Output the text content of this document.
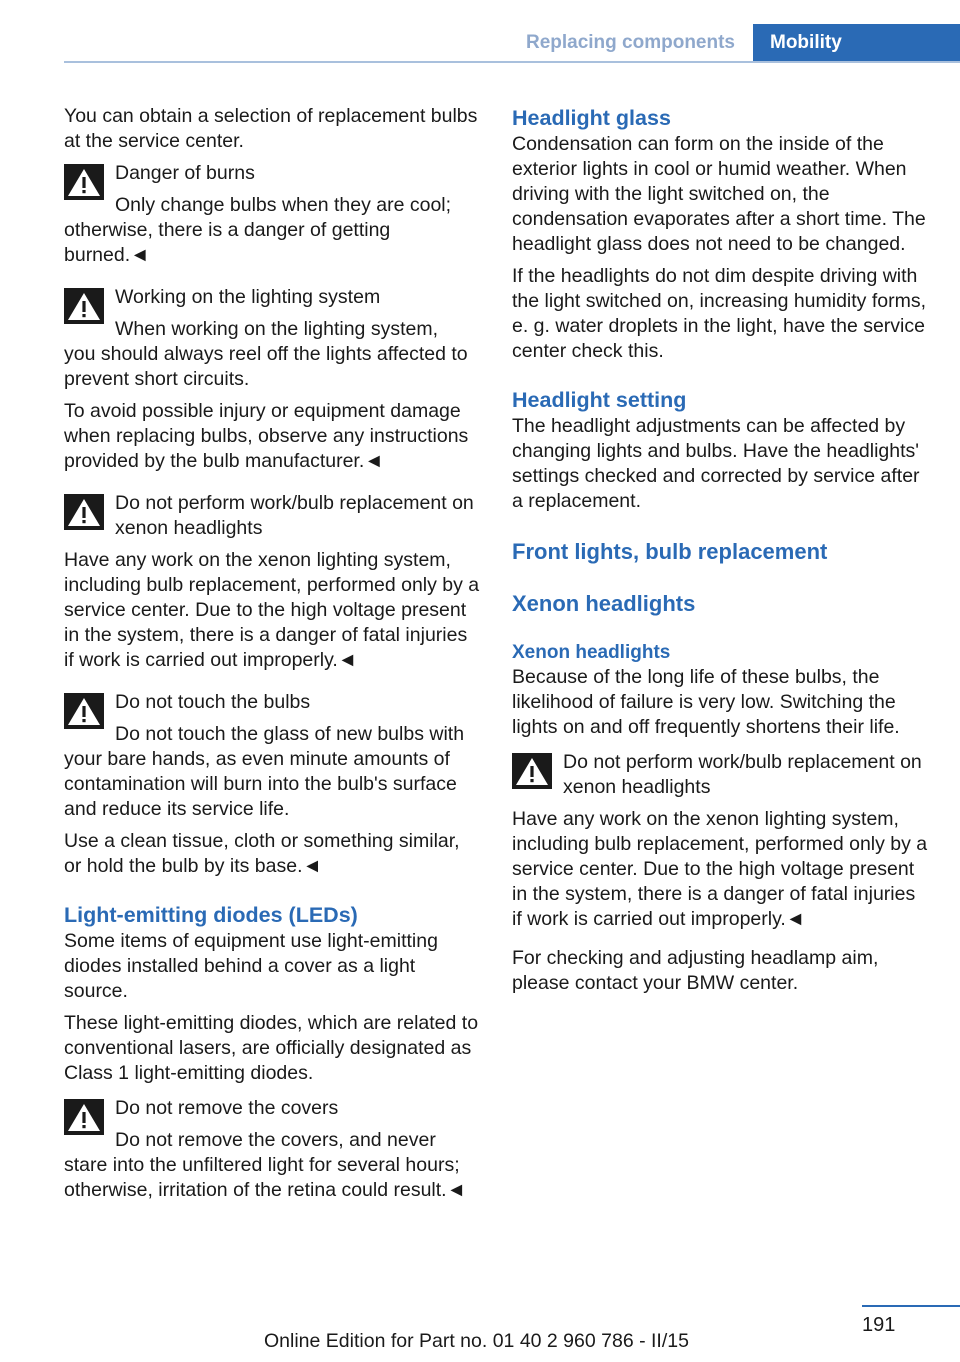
Replacing components	Mobility

You can obtain a selection of replacement bulbs at the service center.

Danger of burns

Only change bulbs when they are cool;
otherwise, there is a danger of getting burned.◄

Working on the lighting system

When working on the lighting system,
you should always reel off the lights affected to prevent short circuits.
To avoid possible injury or equipment damage when replacing bulbs, observe any instructions provided by the bulb manufacturer.◄

Do not perform work/bulb replacement on xenon headlights

Have any work on the xenon lighting system, including bulb replacement, performed only by a service center. Due to the high voltage present in the system, there is a danger of fatal injuries if work is carried out improperly.◄

Do not touch the bulbs

Do not touch the glass of new bulbs with
your bare hands, as even minute amounts of contamination will burn into the bulb's surface and reduce its service life.
Use a clean tissue, cloth or something similar, or hold the bulb by its base.◄
Light-emitting diodes (LEDs)

Some items of equipment use light-emitting diodes installed behind a cover as a light source.

These light-emitting diodes, which are related to conventional lasers, are officially designated as Class 1 light-emitting diodes.

Do not remove the covers

Do not remove the covers, and never
stare into the unfiltered light for several hours; otherwise, irritation of the retina could result.◄
Headlight glass

Condensation can form on the inside of the exterior lights in cool or humid weather. When driving with the light switched on, the condensation evaporates after a short time. The headlight glass does not need to be changed.

If the headlights do not dim despite driving with the light switched on, increasing humidity forms, e. g. water droplets in the light, have the service center check this.

Headlight setting

The headlight adjustments can be affected by changing lights and bulbs. Have the headlights' settings checked and corrected by service after a replacement.

Front lights, bulb replacement
Xenon headlights
Xenon headlights

Because of the long life of these bulbs, the likelihood of failure is very low. Switching the lights on and off frequently shortens their life.

Do not perform work/bulb replacement on xenon headlights

Have any work on the xenon lighting system, including bulb replacement, performed only by a service center. Due to the high voltage present in the system, there is a danger of fatal injuries if work is carried out improperly.◄

For checking and adjusting headlamp aim, please contact your BMW center.

191
Online Edition for Part no. 01 40 2 960 786 - II/15
